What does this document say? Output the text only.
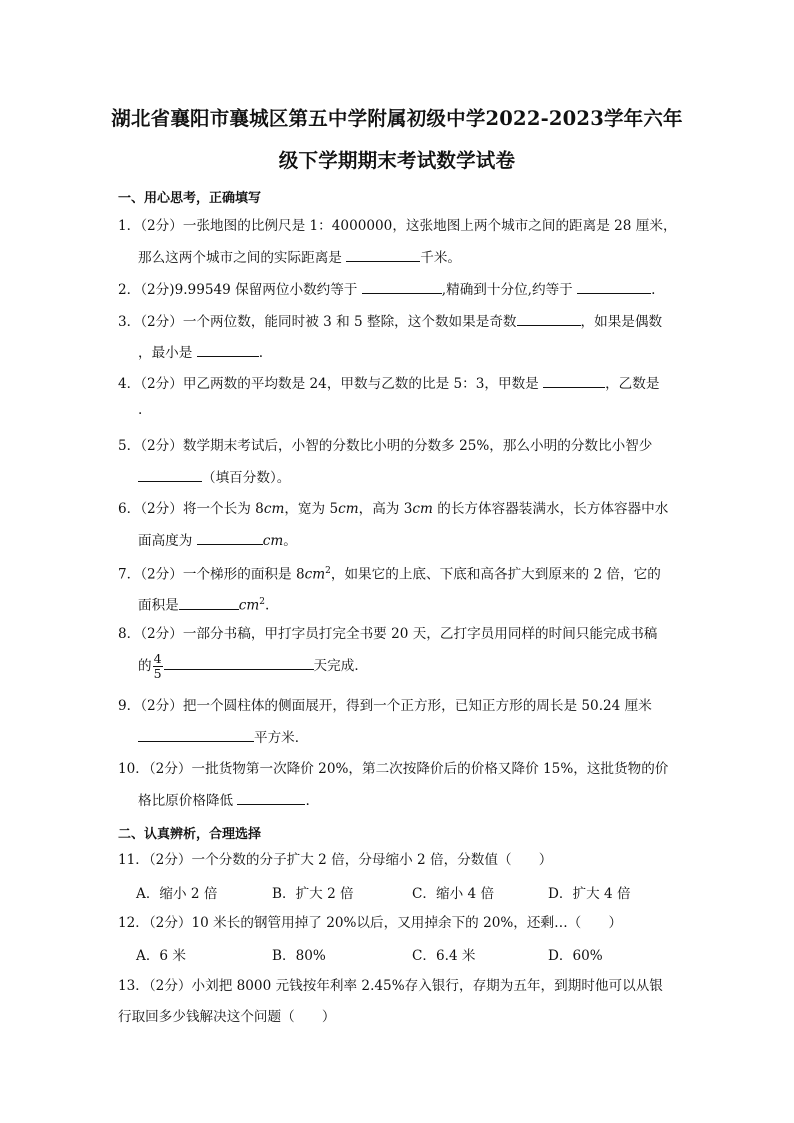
湖北省襄阳市襄城区第五中学附属初级中学2022-2023学年六年
级下学期期末考试数学试卷
一、用心思考，正确填写
1．（2分）一张地图的比例尺是 1：4000000，这张地图上两个城市之间的距离是 28 厘米，
那么这两个城市之间的实际距离是	千米。
2．（2分)9.99549 保留两位小数约等于	,精确到十分位,约等于	.
3．（2分）一个两位数，能同时被 3 和 5 整除，这个数如果是奇数	，如果是偶数
，最小是	.
4．（2分）甲乙两数的平均数是 24，甲数与乙数的比是 5：3，甲数是	，乙数是
.
5．（2分）数学期末考试后，小智的分数比小明的分数多 25%，那么小明的分数比小智少
（填百分数）。
6．（2分）将一个长为 8cm，宽为 5cm，高为 3cm 的长方体容器装满水，长方体容器中水
面高度为	cm。
7．（2分）一个梯形的面积是 $8cm^2$，如果它的上底、下底和高各扩大到原来的 2 倍，它的
面积是	$cm^2$.
8．（2分）一部分书稿，甲打字员打完全书要 20 天，乙打字员用同样的时间只能完成书稿
的 $\frac{4}{5}$	天完成．
9．（2分）把一个圆柱体的侧面展开，得到一个正方形，已知正方形的周长是 50.24 厘米
平方米．
10．（2分）一批货物第一次降价 20%，第二次按降价后的价格又降价 15%，这批货物的价
格比原价格降低	.
二、认真辨析，合理选择
11．（2分）一个分数的分子扩大 2 倍，分母缩小 2 倍，分数值（　　）
A．缩小 2 倍	B．扩大 2 倍	C．缩小 4 倍	D．扩大 4 倍
12．（2分）10 米长的钢管用掉了 20%以后，又用掉余下的 20%，还剩…（　　）
A．6 米	B．80%	C．6.4 米	D．60%
13．（2分）小刘把 8000 元钱按年利率 2.45%存入银行，存期为五年，到期时他可以从银
行取回多少钱解决这个问题（　　）
